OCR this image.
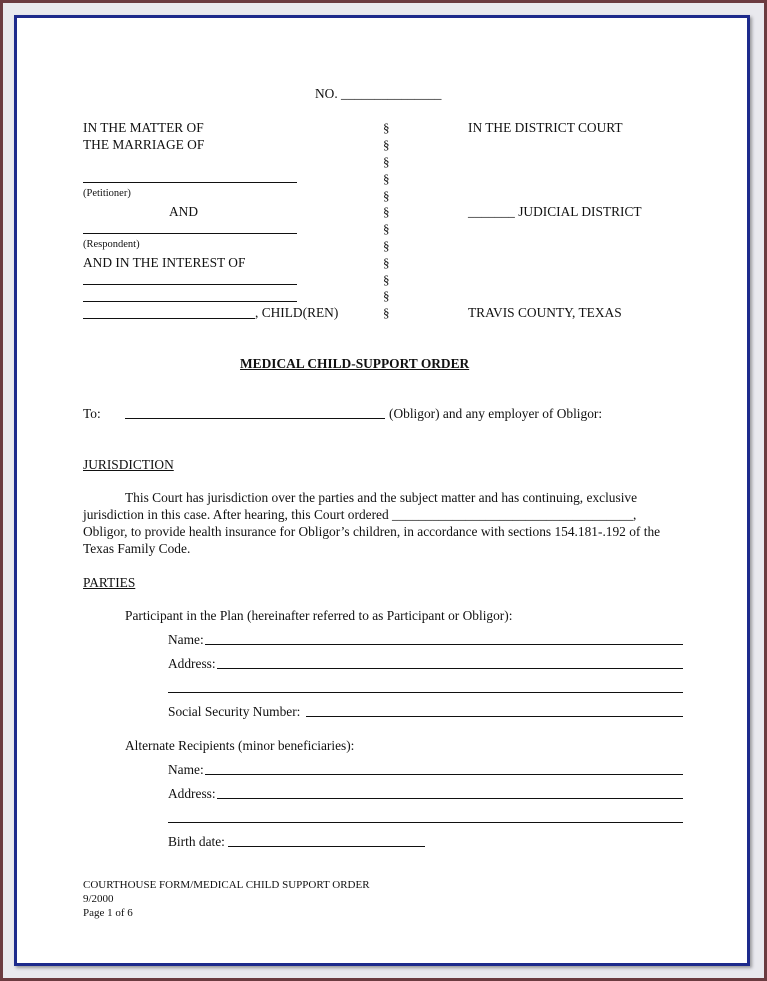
NO. _______________
IN THE MATTER OF
THE MARRIAGE OF
(Petitioner)
AND
(Respondent)
AND IN THE INTEREST OF
, CHILD(REN)
§
§
§
§
§
§
§
§
§
§
§
§
IN THE DISTRICT COURT
_______ JUDICIAL DISTRICT
TRAVIS COUNTY, TEXAS
MEDICAL CHILD-SUPPORT ORDER
To:	(Obligor) and any employer of Obligor:
JURISDICTION
This Court has jurisdiction over the parties and the subject matter and has continuing, exclusive
jurisdiction in this case. After hearing, this Court ordered ____________________________________,
Obligor, to provide health insurance for Obligor’s children, in accordance with sections 154.181-.192 of the
Texas Family Code.
PARTIES
Participant in the Plan (hereinafter referred to as Participant or Obligor):
Name:
Address:
Social Security Number:
Alternate Recipients (minor beneficiaries):
Name:
Address:
Birth date:
COURTHOUSE FORM/MEDICAL CHILD SUPPORT ORDER
9/2000
Page 1 of 6
